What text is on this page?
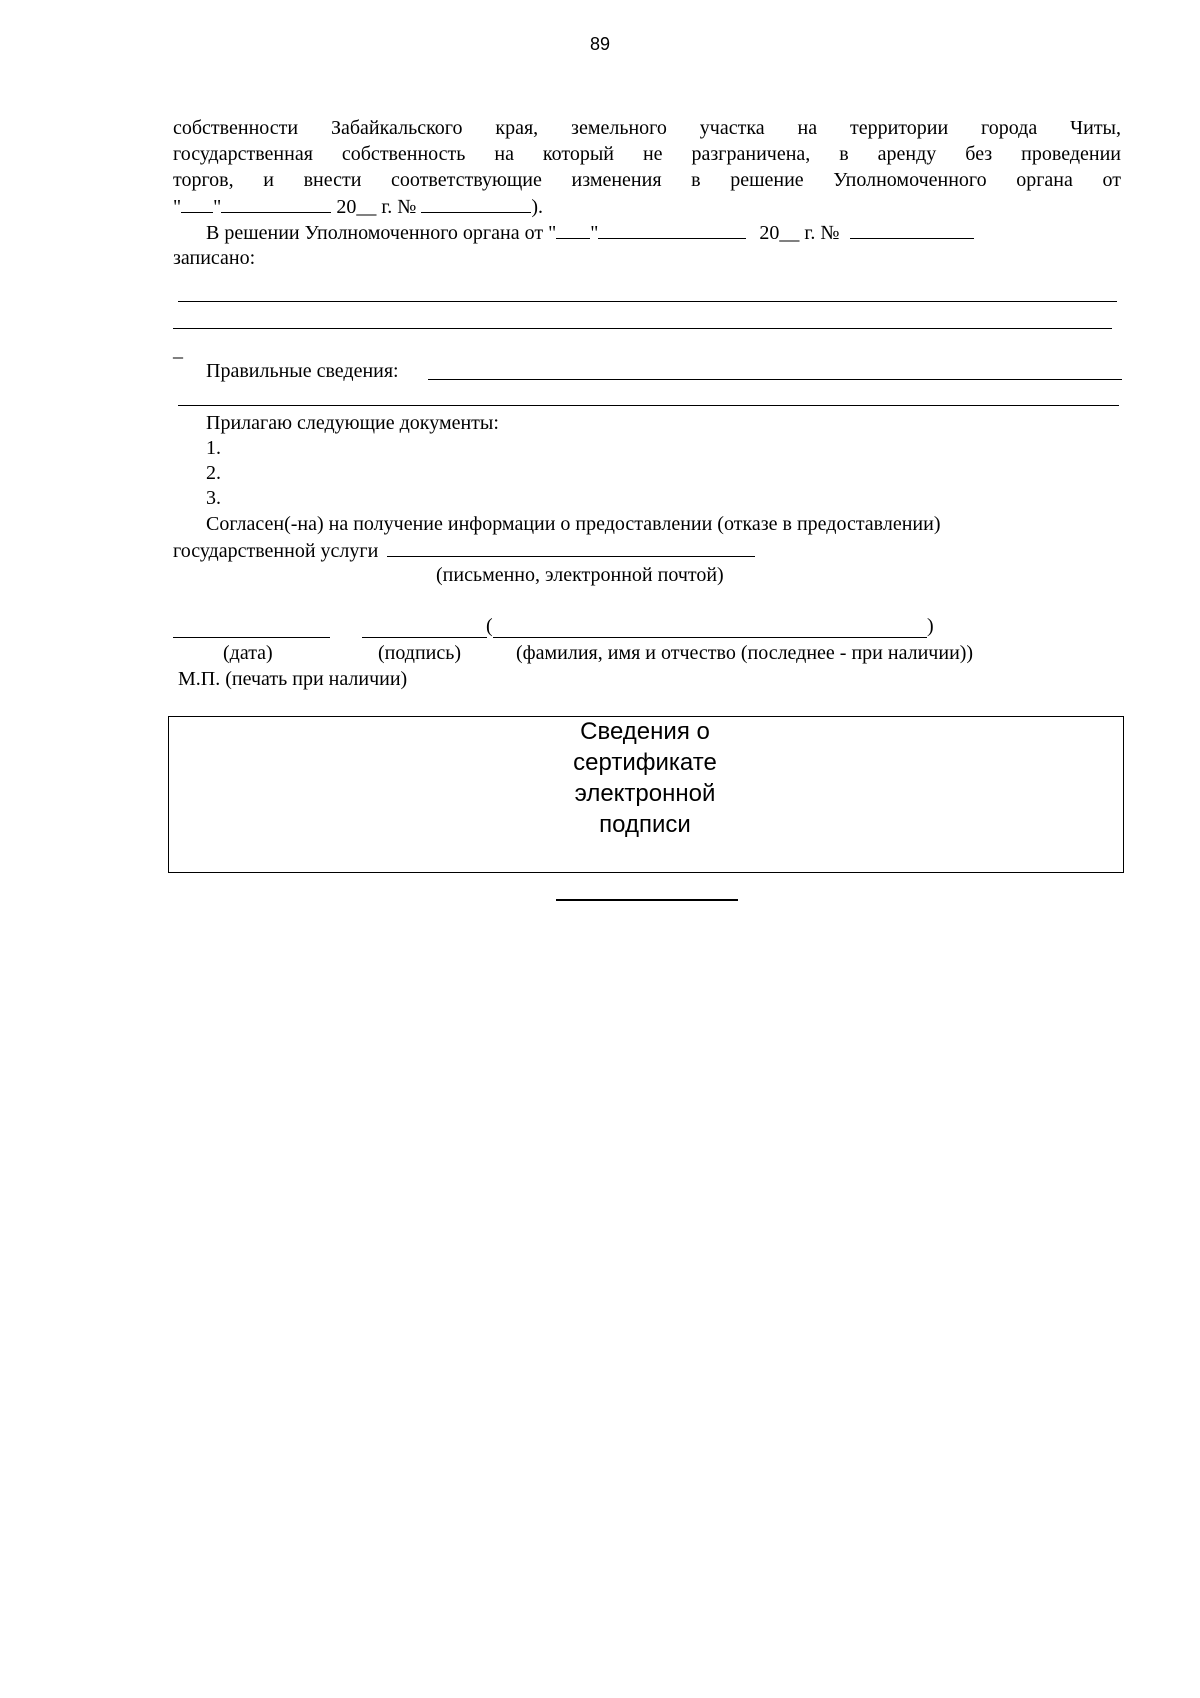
89
собственности Забайкальского края, земельного участка на территории города Читы,
государственная собственность на который не разграничена, в аренду без проведении
торгов, и внести соответствующие изменения в решение Уполномоченного органа от
" "	20__ г. №	).
В решении Уполномоченного органа от " "	20__ г. №
записано:
_
Правильные сведения:
Прилагаю следующие документы:
1.
2.
3.
Согласен(-на) на получение информации о предоставлении (отказе в предоставлении)
государственной услуги
(письменно, электронной почтой)
(	)
(дата)	(подпись)	(фамилия, имя и отчество (последнее - при наличии))
М.П. (печать при наличии)
Сведения о
сертификате
электронной
подписи
